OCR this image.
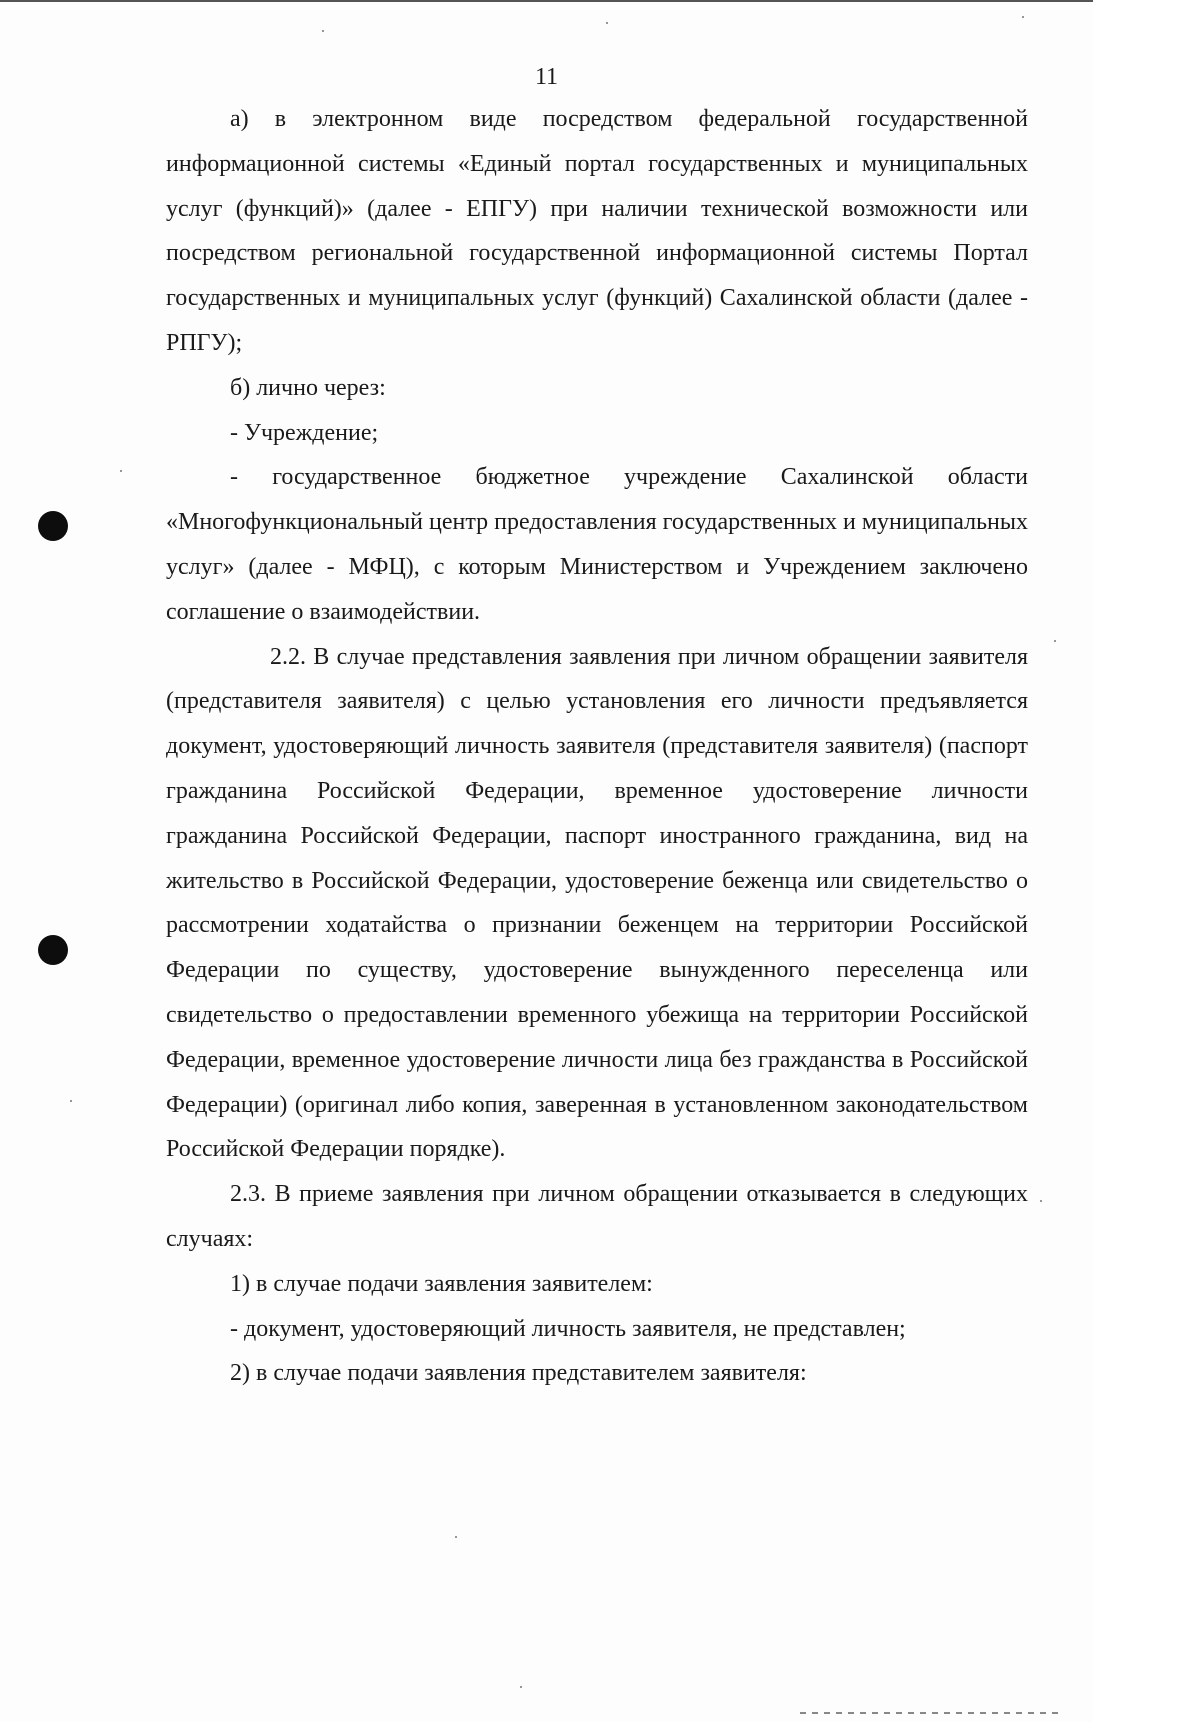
11

а) в электронном виде посредством федеральной государственной информационной системы «Единый портал государственных и муниципальных услуг (функций)» (далее - ЕПГУ) при наличии технической возможности или посредством региональной государственной информационной системы Портал государственных и муниципальных услуг (функций) Сахалинской области (далее - РПГУ);

б) лично через:

- Учреждение;

- государственное бюджетное учреждение Сахалинской области «Многофункциональный центр предоставления государственных и муниципальных услуг» (далее - МФЦ), с которым Министерством и Учреждением заключено соглашение о взаимодействии.

2.2. В случае представления заявления при личном обращении заявителя (представителя заявителя) с целью установления его личности предъявляется документ, удостоверяющий личность заявителя (представителя заявителя) (паспорт гражданина Российской Федерации, временное удостоверение личности гражданина Российской Федерации, паспорт иностранного гражданина, вид на жительство в Российской Федерации, удостоверение беженца или свидетельство о рассмотрении ходатайства о признании беженцем на территории Российской Федерации по существу, удостоверение вынужденного переселенца или свидетельство о предоставлении временного убежища на территории Российской Федерации, временное удостоверение личности лица без гражданства в Российской Федерации) (оригинал либо копия, заверенная в установленном законодательством Российской Федерации порядке).

2.3. В приеме заявления при личном обращении отказывается в следующих случаях:

1) в случае подачи заявления заявителем:

- документ, удостоверяющий личность заявителя, не представлен;

2) в случае подачи заявления представителем заявителя:
